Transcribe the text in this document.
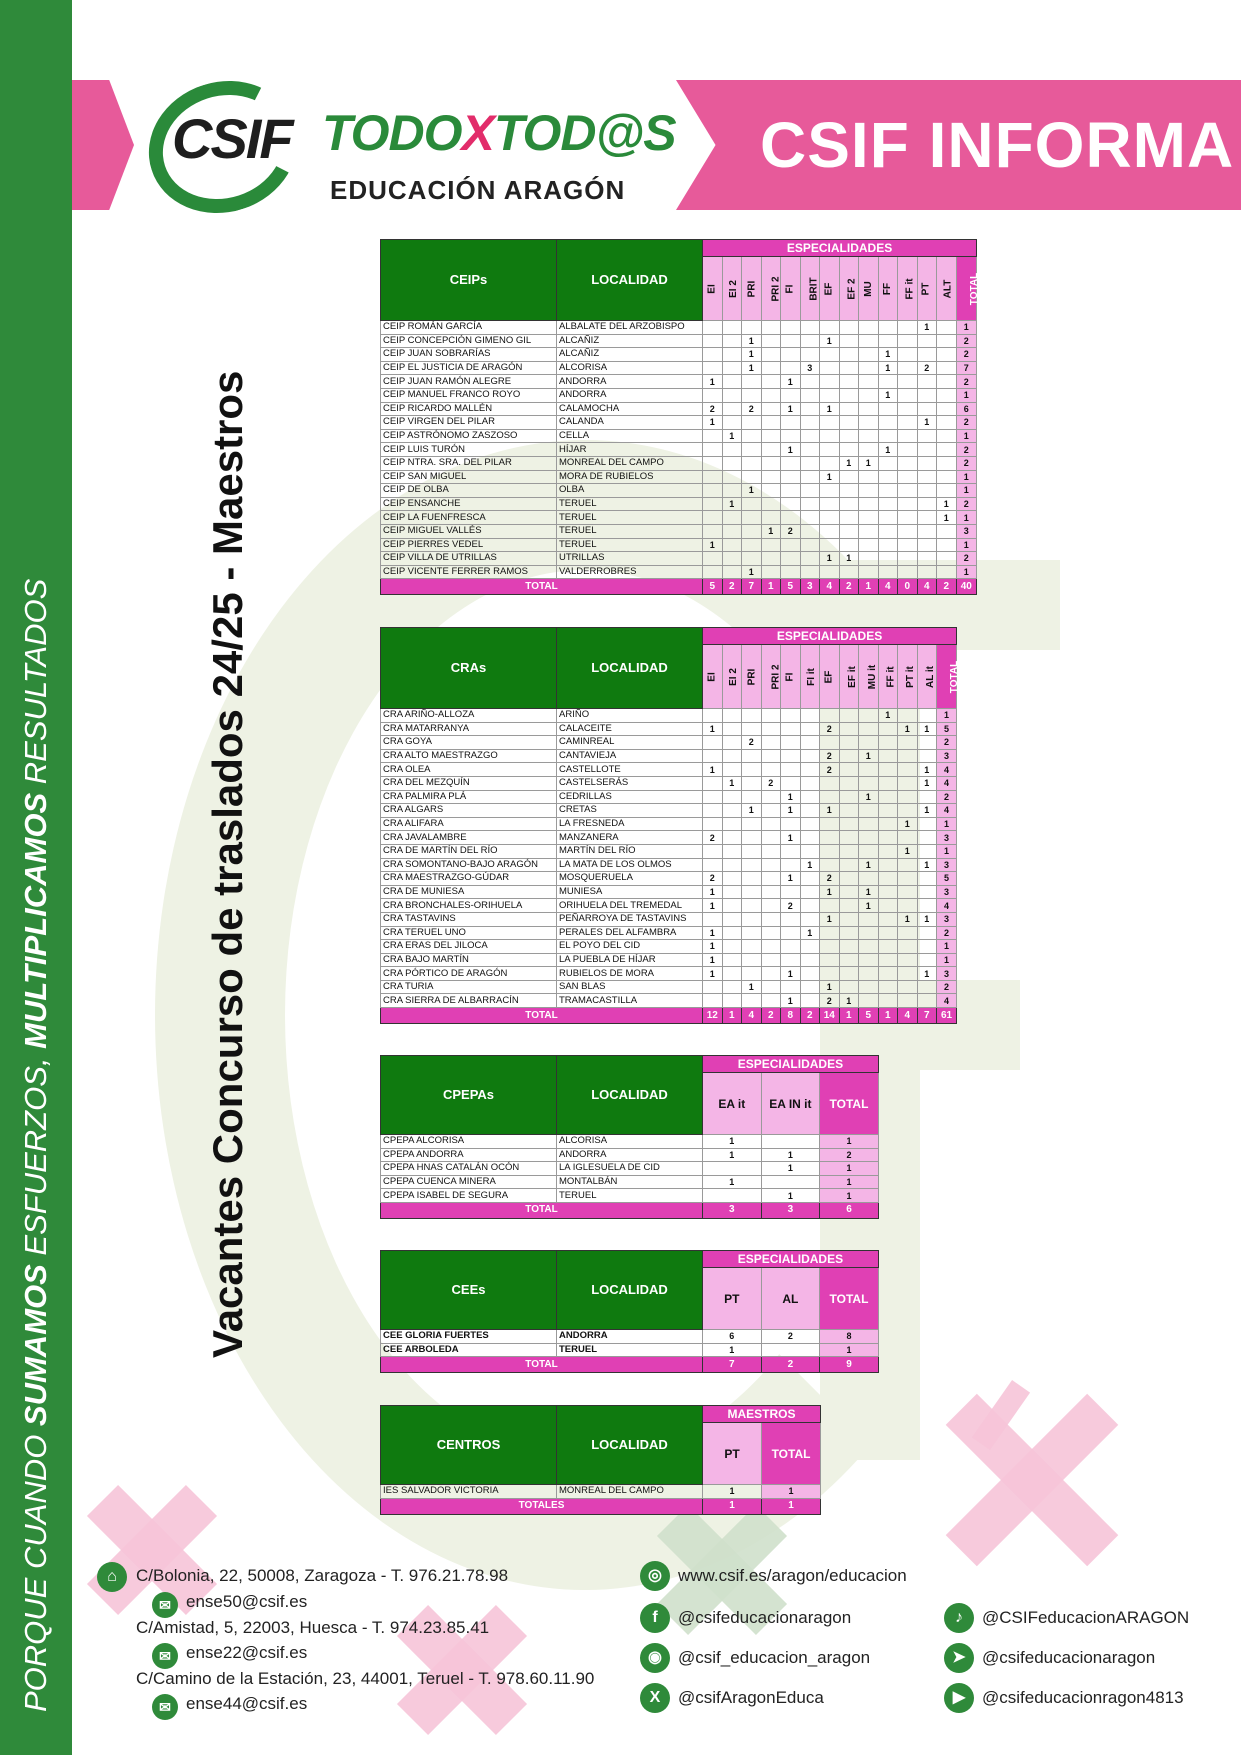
PORQUE CUANDO SUMAMOS ESFUERZOS, MULTIPLICAMOS RESULTADOS
CSIF INFORMA
CSIF TODOXTOD@S
EDUCACIÓN ARAGÓN
Vacantes Concurso de traslados 24/25 - Maestros
CEIPs	LOCALIDAD	ESPECIALIDADES													
		EI	EI 2	PRI	PRI 2	FI	BRIT	EF	EF 2	MU	FF	FF it	PT	ALT	TOTAL
CEIP ROMÁN GARCÍA	ALBALATE DEL ARZOBISPO												1		1
CEIP CONCEPCIÓN GIMENO GIL	ALCAÑIZ			1				1							2
CEIP JUAN SOBRARÍAS	ALCAÑIZ			1							1				2
CEIP EL JUSTICIA DE ARAGÓN	ALCORISA			1			3				1		2		7
CEIP JUAN RAMÓN ALEGRE	ANDORRA	1				1									2
CEIP MANUEL FRANCO ROYO	ANDORRA										1				1
CEIP RICARDO MALLÉN	CALAMOCHA	2		2		1		1							6
CEIP VIRGEN DEL PILAR	CALANDA	1											1		2
CEIP ASTRÓNOMO ZASZOSO	CELLA		1												1
CEIP LUIS TURÓN	HÍJAR					1					1				2
CEIP NTRA. SRA. DEL PILAR	MONREAL DEL CAMPO								1	1					2
CEIP SAN MIGUEL	MORA DE RUBIELOS							1							1
CEIP DE OLBA	OLBA			1											1
CEIP ENSANCHE	TERUEL		1											1	2
CEIP LA FUENFRESCA	TERUEL													1	1
CEIP MIGUEL VALLÉS	TERUEL				1	2									3
CEIP PIERRES VEDEL	TERUEL	1													1
CEIP VILLA DE UTRILLAS	UTRILLAS							1	1						2
CEIP VICENTE FERRER RAMOS	VALDERROBRES			1											1
TOTAL		5	2	7	1	5	3	4	2	1	4	0	4	2	40
CRAs	LOCALIDAD	ESPECIALIDADES												
		EI	EI 2	PRI	PRI 2	FI	FI it	EF	EF it	MU it	FF it	PT it	AL it	TOTAL
CRA ARIÑO-ALLOZA	ARIÑO										1			1
CRA MATARRANYA	CALACEITE	1						2				1	1	5
CRA GOYA	CAMINREAL			2										2
CRA ALTO MAESTRAZGO	CANTAVIEJA							2		1				3
CRA OLEA	CASTELLOTE	1						2					1	4
CRA DEL MEZQUÍN	CASTELSERÁS		1		2								1	4
CRA PALMIRA PLÁ	CEDRILLAS					1				1				2
CRA ALGARS	CRETAS			1		1		1					1	4
CRA ALIFARA	LA FRESNEDA											1		1
CRA JAVALAMBRE	MANZANERA	2				1								3
CRA DE MARTÍN DEL RÍO	MARTÍN DEL RÍO											1		1
CRA SOMONTANO-BAJO ARAGÓN	LA MATA DE LOS OLMOS						1			1			1	3
CRA MAESTRAZGO-GÚDAR	MOSQUERUELA	2				1		2						5
CRA DE MUNIESA	MUNIESA	1						1		1				3
CRA BRONCHALES-ORIHUELA	ORIHUELA DEL TREMEDAL	1				2				1				4
CRA TASTAVINS	PEÑARROYA DE TASTAVINS							1				1	1	3
CRA TERUEL UNO	PERALES DEL ALFAMBRA	1					1							2
CRA ERAS DEL JILOCA	EL POYO DEL CID	1												1
CRA BAJO MARTÍN	LA PUEBLA DE HÍJAR	1												1
CRA PÓRTICO DE ARAGÓN	RUBIELOS DE MORA	1				1							1	3
CRA TURIA	SAN BLAS			1				1						2
CRA SIERRA DE ALBARRACÍN	TRAMACASTILLA					1		2	1					4
TOTAL		12	1	4	2	8	2	14	1	5	1	4	7	61
CPEPAs	LOCALIDAD	ESPECIALIDADES		
		EA it	EA IN it	TOTAL
CPEPA ALCORISA	ALCORISA	1		1
CPEPA ANDORRA	ANDORRA	1	1	2
CPEPA HNAS CATALÁN OCÓN	LA IGLESUELA DE CID		1	1
CPEPA CUENCA MINERA	MONTALBÁN	1		1
CPEPA ISABEL DE SEGURA	TERUEL		1	1
TOTAL		3	3	6
CEEs	LOCALIDAD	ESPECIALIDADES		
		PT	AL	TOTAL
CEE GLORIA FUERTES	ANDORRA	6	2	8
CEE ARBOLEDA	TERUEL	1		1
TOTAL		7	2	9
CENTROS	LOCALIDAD	MAESTROS	
		PT	TOTAL
IES SALVADOR VICTORIA	MONREAL DEL CAMPO	1	1
TOTALES		1	1
⌂	C/Bolonia, 22, 50008, Zaragoza - T. 976.21.78.98
✉ ense50@csif.es
C/Amistad, 5, 22003, Huesca - T. 974.23.85.41
✉ ense22@csif.es
C/Camino de la Estación, 23, 44001, Teruel - T. 978.60.11.90
✉ ense44@csif.es
◎ www.csif.es/aragon/educacion
f	@csifeducacionaragon
◉ @csif_educacion_aragon
X	@csifAragonEduca
♪	@CSIFeducacionARAGON
➤ @csifeducacionaragon
▶ @csifeducacionragon4813
